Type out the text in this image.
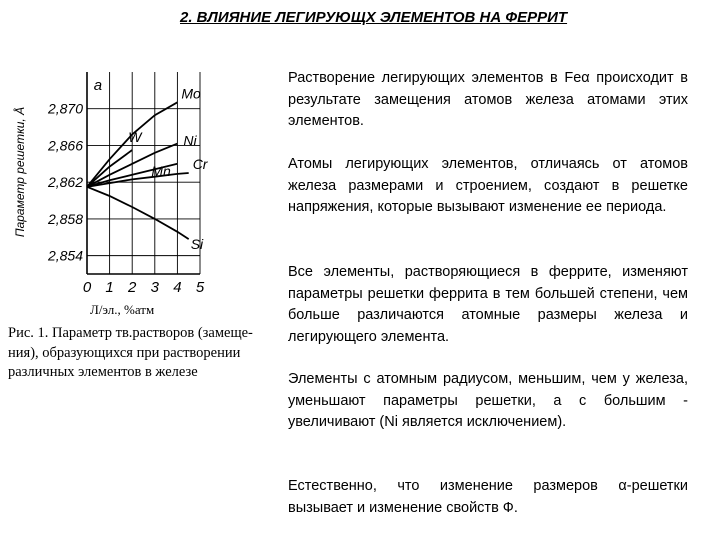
2. ВЛИЯНИЕ ЛЕГИРУЮЩХ ЭЛЕМЕНТОВ НА ФЕРРИТ
Растворение легирующих элементов в Feα происходит в результате замещения атомов железа атомами этих элементов.
Атомы легирующих элементов, отличаясь от атомов железа размерами и строением, создают в решетке напряжения, которые вызывают изменение ее периода.
Все элементы, растворяющиеся в феррите, изменяют параметры решетки феррита в тем большей степени, чем больше различаются атомные размеры железа и легирующего элемента.
Элементы с атомным радиусом, меньшим, чем у железа, уменьшают параметры решетки, а с большим - увеличивают (Ni является исключением).
Естественно, что изменение размеров α-решетки вызывает и изменение свойств Ф.
2,870
2,866
2,862
2,858
2,854
0 1 2 3 4 5
а
Параметр решетки, Å
Mo
W	Ni
Mn Cr
Si
Л/эл., %атм
Рис. 1. Параметр тв.растворов (замеще-ния), образующихся при растворении различных элементов в железе
